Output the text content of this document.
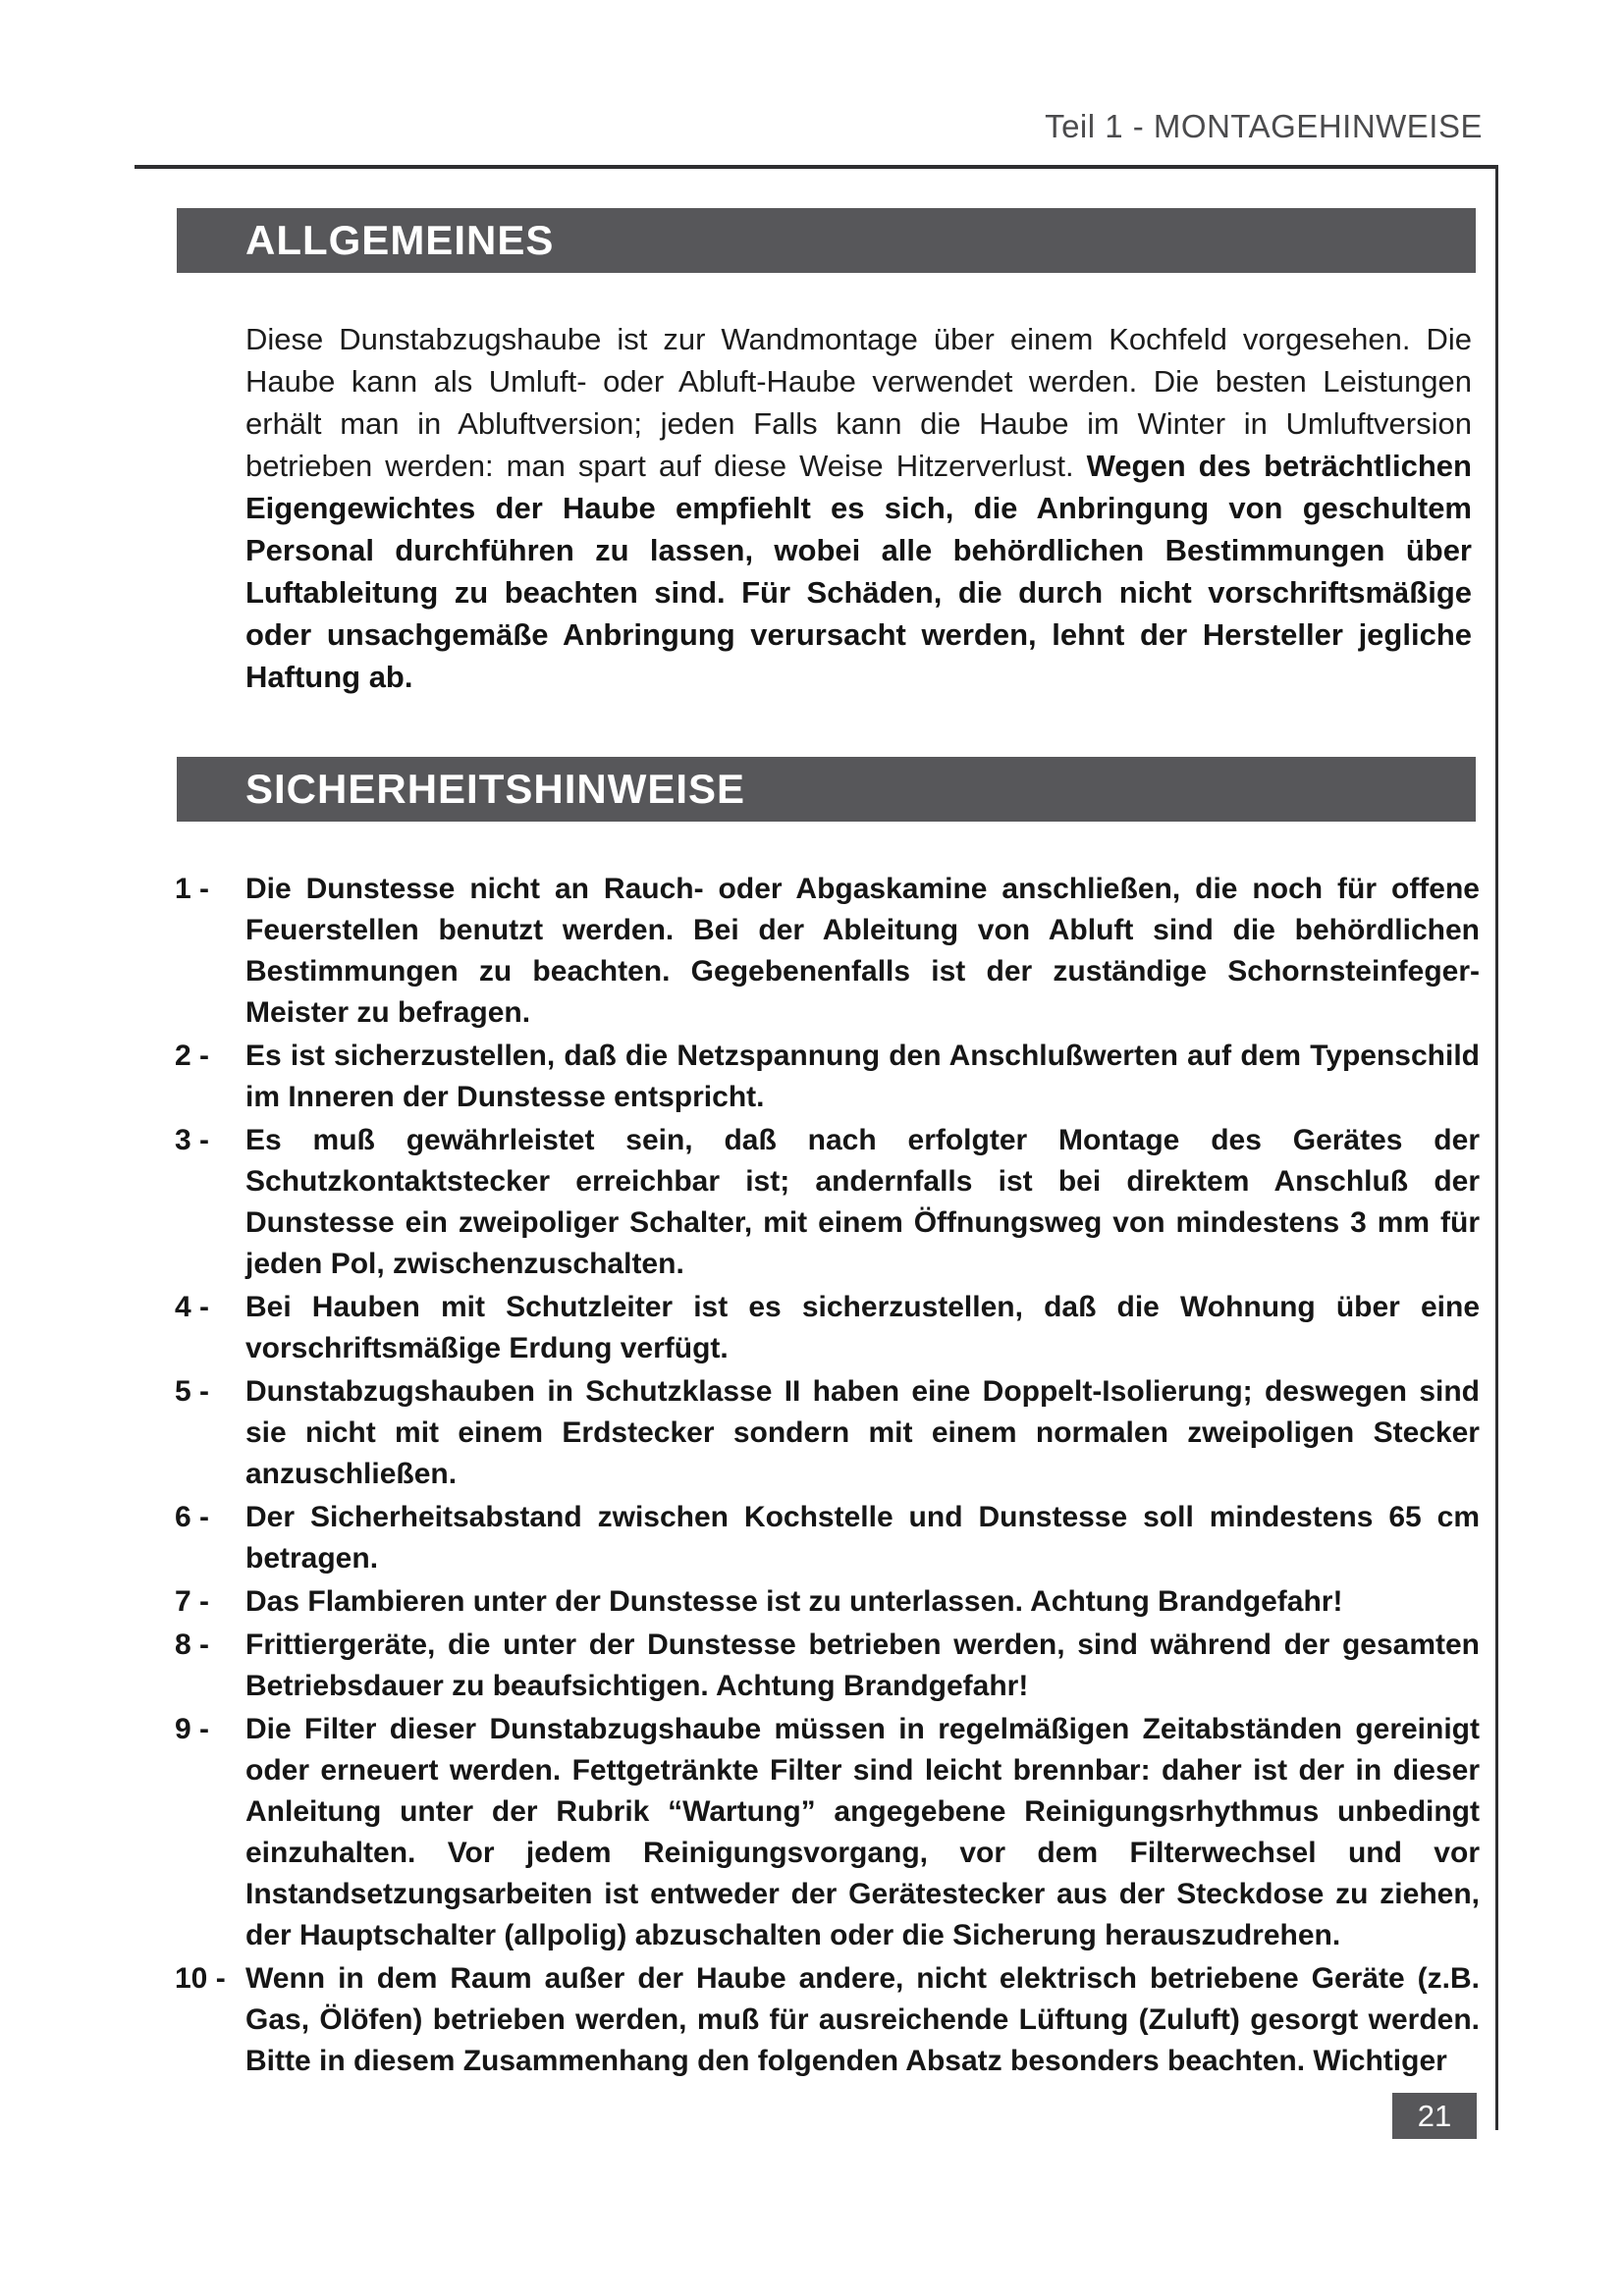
Teil 1 - MONTAGEHINWEISE
ALLGEMEINES

Diese Dunstabzugshaube ist zur Wandmontage über einem Kochfeld vorgesehen. Die Haube kann als Umluft- oder Abluft-Haube verwendet werden. Die besten Leistungen erhält man in Abluftversion; jeden Falls kann die Haube im Winter in Umluftversion betrieben werden: man spart auf diese Weise Hitzerverlust. Wegen des beträchtlichen Eigengewichtes der Haube empfiehlt es sich, die Anbringung von geschultem Personal durchführen zu lassen, wobei alle behördlichen Bestimmungen über Luftableitung zu beachten sind. Für Schäden, die durch nicht vorschriftsmäßige oder unsachgemäße Anbringung verursacht werden, lehnt der Hersteller jegliche Haftung ab.

SICHERHEITSHINWEISE

1 - Die Dunstesse nicht an Rauch- oder Abgaskamine anschließen, die noch für offene Feuerstellen benutzt werden. Bei der Ableitung von Abluft sind die behördlichen Bestimmungen zu beachten. Gegebenenfalls ist der zuständige Schornsteinfeger-Meister zu befragen.

2 - Es ist sicherzustellen, daß die Netzspannung den Anschlußwerten auf dem Typenschild im Inneren der Dunstesse entspricht.

3 - Es muß gewährleistet sein, daß nach erfolgter Montage des Gerätes der Schutzkontaktstecker erreichbar ist; andernfalls ist bei direktem Anschluß der Dunstesse ein zweipoliger Schalter, mit einem Öffnungsweg von mindestens 3 mm für jeden Pol, zwischenzuschalten.

4 - Bei Hauben mit Schutzleiter ist es sicherzustellen, daß die Wohnung über eine vorschriftsmäßige Erdung verfügt.

5 - Dunstabzugshauben in Schutzklasse II haben eine Doppelt-Isolierung; deswegen sind sie nicht mit einem Erdstecker sondern mit einem normalen zweipoligen Stecker anzuschließen.

6 - Der Sicherheitsabstand zwischen Kochstelle und Dunstesse soll mindestens 65 cm betragen.

7 - Das Flambieren unter der Dunstesse ist zu unterlassen. Achtung Brandgefahr!

8 - Frittiergeräte, die unter der Dunstesse betrieben werden, sind während der gesamten Betriebsdauer zu beaufsichtigen. Achtung Brandgefahr!

9 - Die Filter dieser Dunstabzugshaube müssen in regelmäßigen Zeitabständen gereinigt oder erneuert werden. Fettgetränkte Filter sind leicht brennbar: daher ist der in dieser Anleitung unter der Rubrik “Wartung” angegebene Reinigungsrhythmus unbedingt einzuhalten. Vor jedem Reinigungsvorgang, vor dem Filterwechsel und vor Instandsetzungsarbeiten ist entweder der Gerätestecker aus der Steckdose zu ziehen, der Hauptschalter (allpolig) abzuschalten oder die Sicherung herauszudrehen.

10 - Wenn in dem Raum außer der Haube andere, nicht elektrisch betriebene Geräte (z.B. Gas, Ölöfen) betrieben werden, muß für ausreichende Lüftung (Zuluft) gesorgt werden. Bitte in diesem Zusammenhang den folgenden Absatz besonders beachten. Wichtiger

21
